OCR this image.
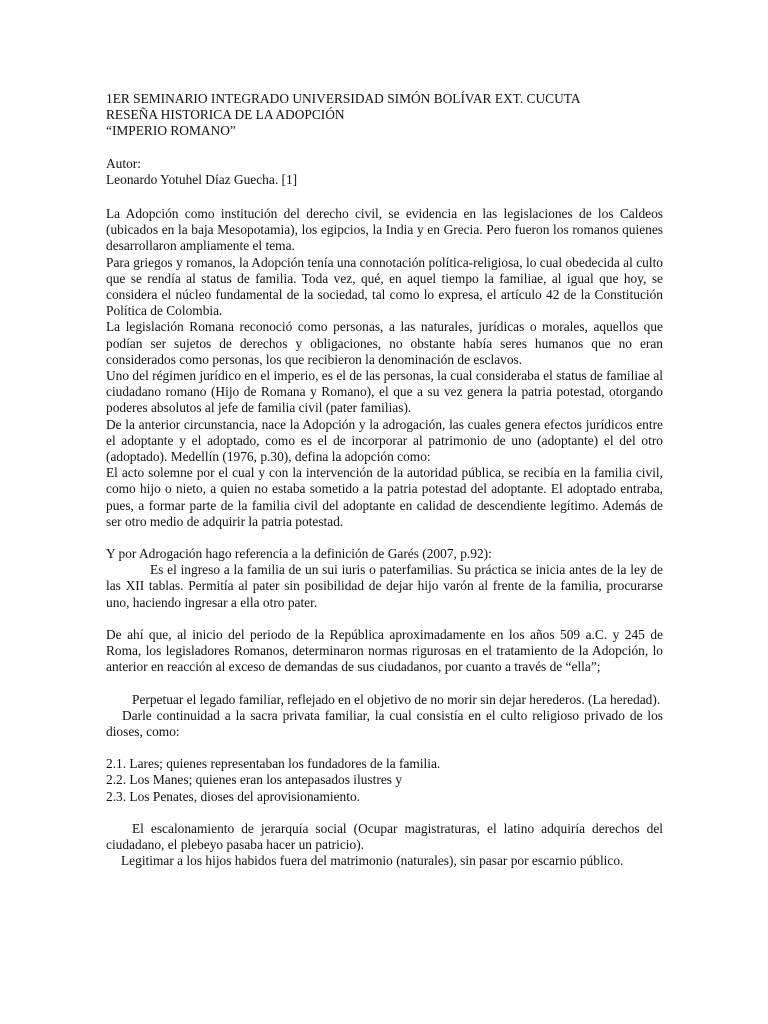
1ER SEMINARIO INTEGRADO UNIVERSIDAD SIMÓN BOLÍVAR EXT. CUCUTA

RESEÑA HISTORICA DE LA ADOPCIÓN

“IMPERIO ROMANO”

Autor:

Leonardo Yotuhel Díaz Guecha. [1]

La Adopción como institución del derecho civil, se evidencia en las legislaciones de los Caldeos (ubicados en la baja Mesopotamia), los egipcios, la India y en Grecia. Pero fueron los romanos quienes desarrollaron ampliamente el tema.

Para griegos y romanos, la Adopción tenía una connotación política-religiosa, lo cual obedecida al culto que se rendía al status de familia. Toda vez, qué, en aquel tiempo la familiae, al igual que hoy, se considera el núcleo fundamental de la sociedad, tal como lo expresa, el artículo 42 de la Constitución Política de Colombia.

La legislación Romana reconoció como personas, a las naturales, jurídicas o morales, aquellos que podían ser sujetos de derechos y obligaciones, no obstante había seres humanos que no eran considerados como personas, los que recibieron la denominación de esclavos.

Uno del régimen jurídico en el imperio, es el de las personas, la cual consideraba el status de familiae al ciudadano romano (Hijo de Romana y Romano), el que a su vez genera la patria potestad, otorgando poderes absolutos al jefe de familia civil (pater familias).

De la anterior circunstancia, nace la Adopción y la adrogación, las cuales genera efectos jurídicos entre el adoptante y el adoptado, como es el de incorporar al patrimonio de uno (adoptante) el del otro (adoptado). Medellín (1976, p.30), defina la adopción como:

El acto solemne por el cual y con la intervención de la autoridad pública, se recibía en la familia civil, como hijo o nieto, a quien no estaba sometido a la patria potestad del adoptante. El adoptado entraba, pues, a formar parte de la familia civil del adoptante en calidad de descendiente legítimo. Además de ser otro medio de adquirir la patria potestad.

Y por Adrogación hago referencia a la definición de Garés (2007, p.92):

Es el ingreso a la familia de un sui iuris o paterfamilias. Su práctica se inicia antes de la ley de las XII tablas. Permitía al pater sin posibilidad de dejar hijo varón al frente de la familia, procurarse uno, haciendo ingresar a ella otro pater.

De ahí que, al inicio del periodo de la República aproximadamente en los años 509 a.C. y 245 de Roma, los legisladores Romanos, determinaron normas rigurosas en el tratamiento de la Adopción, lo anterior en reacción al exceso de demandas de sus ciudadanos, por cuanto a través de “ella”;

Perpetuar el legado familiar, reflejado en el objetivo de no morir sin dejar herederos. (La heredad).

Darle continuidad a la sacra privata familiar, la cual consistía en el culto religioso privado de los dioses, como:

2.1. Lares; quienes representaban los fundadores de la familia.

2.2. Los Manes; quienes eran los antepasados ilustres y

2.3. Los Penates, dioses del aprovisionamiento.

El escalonamiento de jerarquía social (Ocupar magistraturas, el latino adquiría derechos del ciudadano, el plebeyo pasaba hacer un patricio).

Legitimar a los hijos habidos fuera del matrimonio (naturales), sin pasar por escarnio público.
